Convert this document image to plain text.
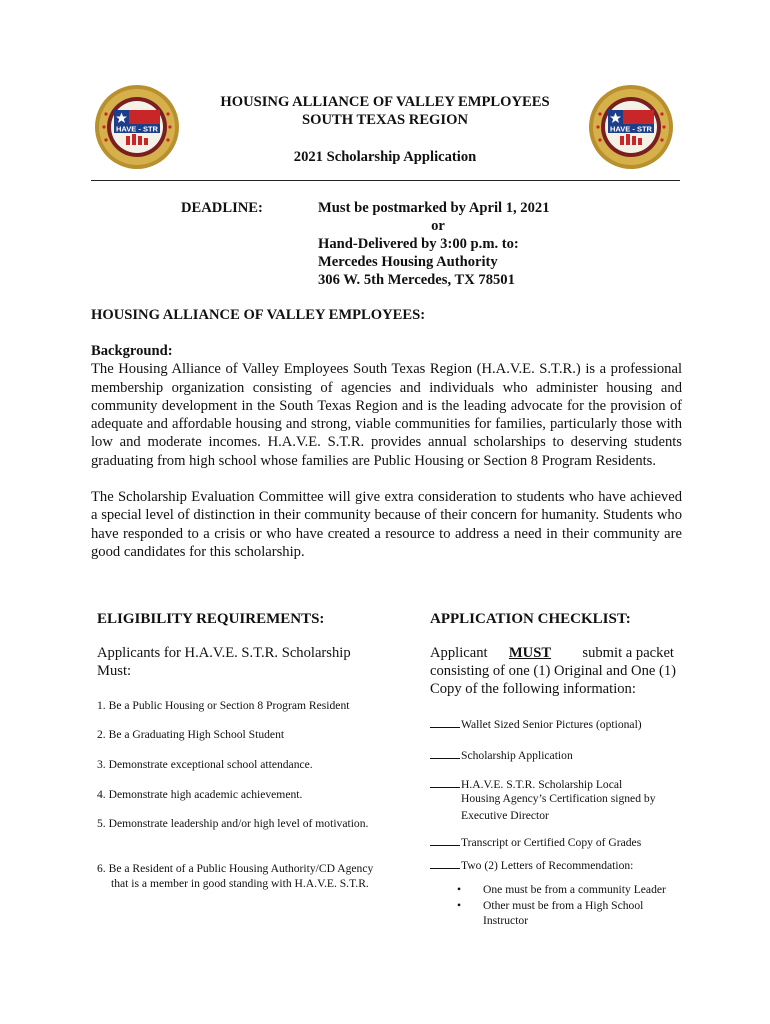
HAVE - STR	HAVE - STR
HOUSING ALLIANCE OF VALLEY EMPLOYEES
SOUTH TEXAS REGION
2021 Scholarship Application
DEADLINE:	Must be postmarked by April 1, 2021
or
Hand-Delivered by 3:00 p.m. to:
Mercedes Housing Authority
306 W. 5th Mercedes, TX 78501
HOUSING ALLIANCE OF VALLEY EMPLOYEES:

Background:

The Housing Alliance of Valley Employees South Texas Region (H.A.V.E. S.T.R.) is a professional membership organization consisting of agencies and individuals who administer housing and community development in the South Texas Region and is the leading advocate for the provision of adequate and affordable housing and strong, viable communities for families, particularly those with low and moderate incomes. H.A.V.E. S.T.R. provides annual scholarships to deserving students graduating from high school whose families are Public Housing or Section 8 Program Residents.

The Scholarship Evaluation Committee will give extra consideration to students who have achieved a special level of distinction in their community because of their concern for humanity. Students who have responded to a crisis or who have created a resource to address a need in their community are good candidates for this scholarship.

ELIGIBILITY REQUIREMENTS:
Applicants for H.A.V.E. S.T.R. Scholarship
Must:
1. Be a Public Housing or Section 8 Program Resident
2. Be a Graduating High School Student
3. Demonstrate exceptional school attendance.
4. Demonstrate high academic achievement.
5. Demonstrate leadership and/or high level of motivation.
6. Be a Resident of a Public Housing Authority/CD Agency
that is a member in good standing with H.A.V.E. S.T.R.
APPLICATION CHECKLIST:
Applicant MUST	submit a packet
consisting of one (1) Original and One (1)
Copy of the following information:
Wallet Sized Senior Pictures (optional)
Scholarship Application
H.A.V.E. S.T.R. Scholarship Local
Housing Agency’s Certification signed by
Executive Director
Transcript or Certified Copy of Grades
Two (2) Letters of Recommendation:
• One must be from a community Leader
• Other must be from a High School
Instructor
